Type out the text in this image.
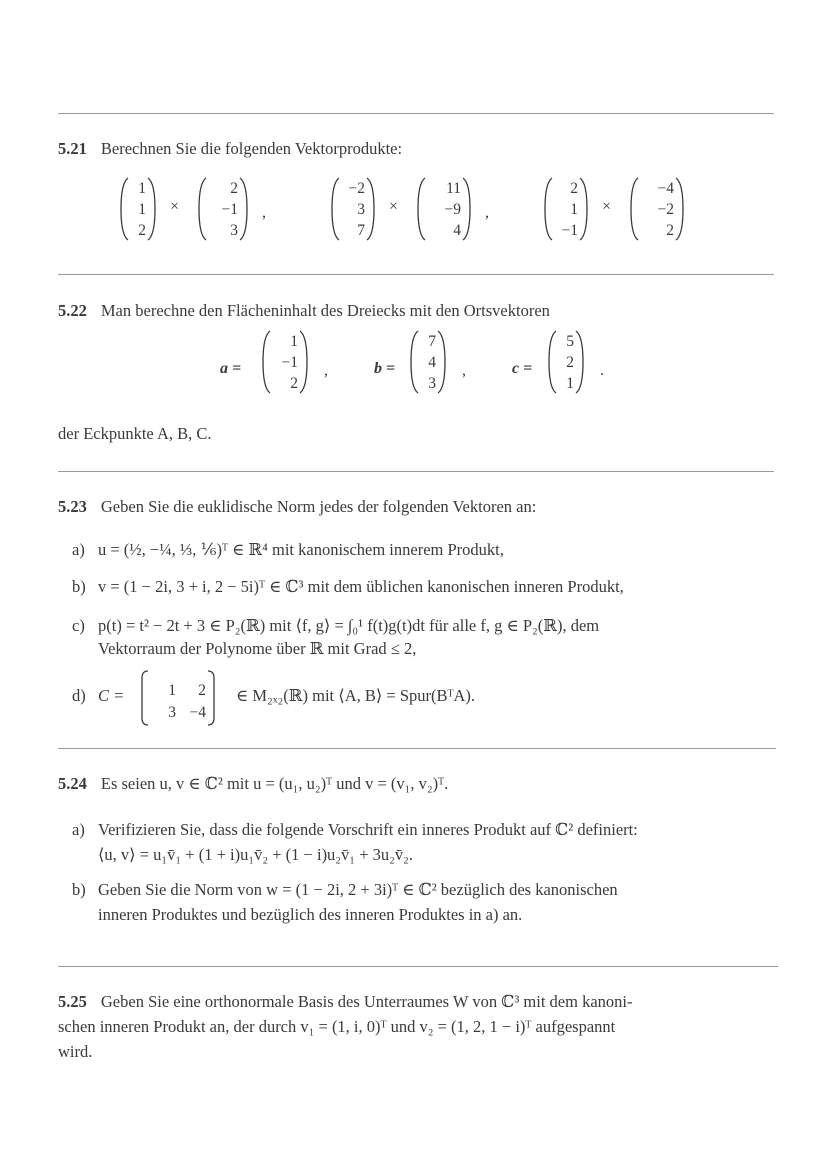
5.21 Berechnen Sie die folgenden Vektorprodukte:
1
1
2
×
2
−1
3
,
−2
3
7
×
11
−9
4
,
2
1
−1
×
−4
−2
2
5.22 Man berechne den Flächeninhalt des Dreiecks mit den Ortsvektoren
a =
1
−1
2
,	b =
7
4
3
,	c =
5
2
1
.
der Eckpunkte A, B, C.
5.23 Geben Sie die euklidische Norm jedes der folgenden Vektoren an:
a) u = (½, −¼, ⅓, ⅙)ᵀ ∈ ℝ⁴ mit kanonischem innerem Produkt,
b) v = (1 − 2i, 3 + i, 2 − 5i)ᵀ ∈ ℂ³ mit dem üblichen kanonischen inneren Produkt,
c) p(t) = t² − 2t + 3 ∈ P₂(ℝ) mit ⟨f, g⟩ = ∫₀¹ f(t)g(t)dt für alle f, g ∈ P₂(ℝ), dem
Vektorraum der Polynome über ℝ mit Grad ≤ 2,
d) C =	1	2
3 −4
∈ M₂ₓ₂(ℝ) mit ⟨A, B⟩ = Spur(BᵀA).
5.24 Es seien u, v ∈ ℂ² mit u = (u₁, u₂)ᵀ und v = (v₁, v₂)ᵀ.
a) Verifizieren Sie, dass die folgende Vorschrift ein inneres Produkt auf ℂ² definiert:
⟨u, v⟩ = u₁v̄₁ + (1 + i)u₁v̄₂ + (1 − i)u₂v̄₁ + 3u₂v̄₂.
b) Geben Sie die Norm von w = (1 − 2i, 2 + 3i)ᵀ ∈ ℂ² bezüglich des kanonischen
inneren Produktes und bezüglich des inneren Produktes in a) an.
5.25 Geben Sie eine orthonormale Basis des Unterraumes W von ℂ³ mit dem kanoni-
schen inneren Produkt an, der durch v₁ = (1, i, 0)ᵀ und v₂ = (1, 2, 1 − i)ᵀ aufgespannt
wird.
